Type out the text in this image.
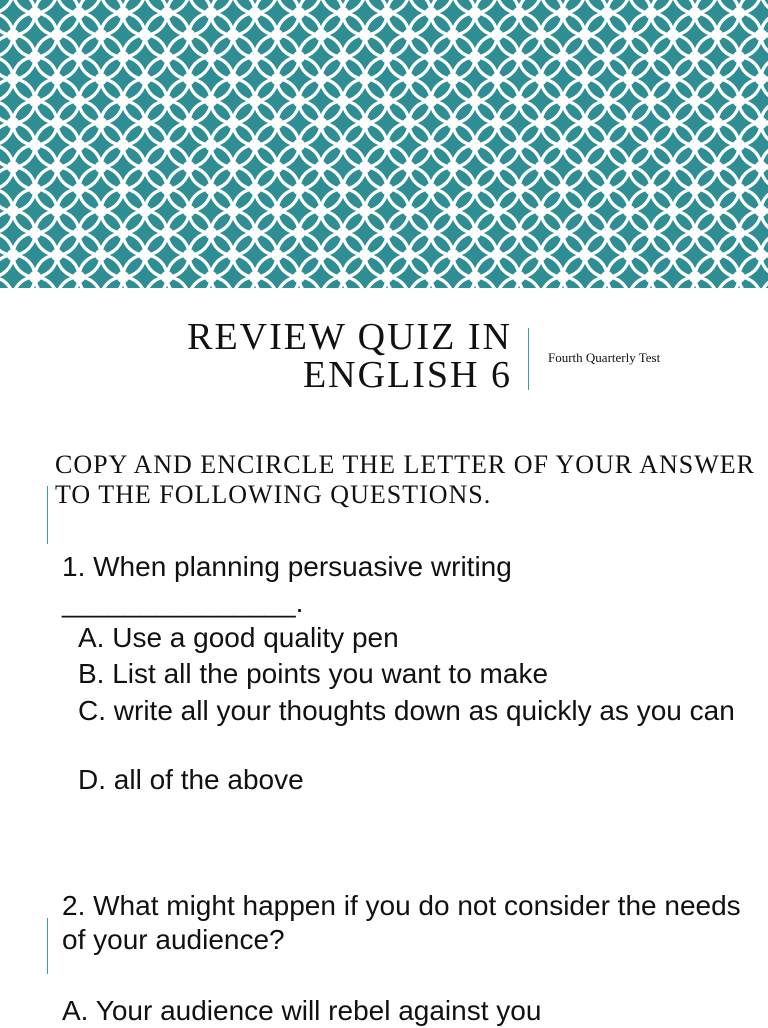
REVIEW QUIZ IN
ENGLISH 6	Fourth Quarterly Test
COPY AND ENCIRCLE THE LETTER OF YOUR ANSWER TO THE FOLLOWING QUESTIONS.
1. When planning persuasive writing
_______________.
A. Use a good quality pen
B. List all the points you want to make
C. write all your thoughts down as quickly as you can
D. all of the above
2. What might happen if you do not consider the needs of your audience?
A. Your audience will rebel against you
